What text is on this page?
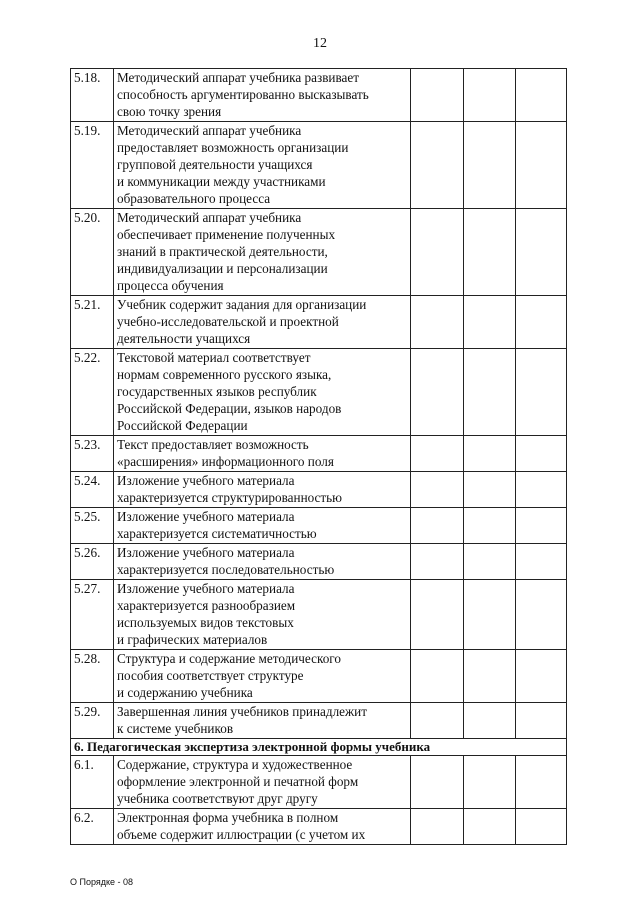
12
5.18.	Методический аппарат учебника развивает
способность аргументированно высказывать
свою точку зрения			

5.19.	Методический аппарат учебника
предоставляет возможность организации
групповой деятельности учащихся
и коммуникации между участниками
образовательного процесса			

5.20.	Методический аппарат учебника
обеспечивает применение полученных
знаний в практической деятельности,
индивидуализации и персонализации
процесса обучения			

5.21.	Учебник содержит задания для организации
учебно-исследовательской и проектной
деятельности учащихся			

5.22.	Текстовой материал соответствует
нормам современного русского языка,
государственных языков республик
Российской Федерации, языков народов
Российской Федерации			

5.23.	Текст предоставляет возможность
«расширения» информационного поля			

5.24.	Изложение учебного материала
характеризуется структурированностью			

5.25.	Изложение учебного материала
характеризуется систематичностью			

5.26.	Изложение учебного материала
характеризуется последовательностью			

5.27.	Изложение учебного материала
характеризуется разнообразием
используемых видов текстовых
и графических материалов			

5.28.	Структура и содержание методического
пособия соответствует структуре
и содержанию учебника			

5.29.	Завершенная линия учебников принадлежит
к системе учебников			

6. Педагогическая экспертиза электронной формы учебника				
6.1.	Содержание, структура и художественное
оформление электронной и печатной форм
учебника соответствуют друг другу			

6.2.	Электронная форма учебника в полном
объеме содержит иллюстрации (с учетом их			

О Порядке - 08
